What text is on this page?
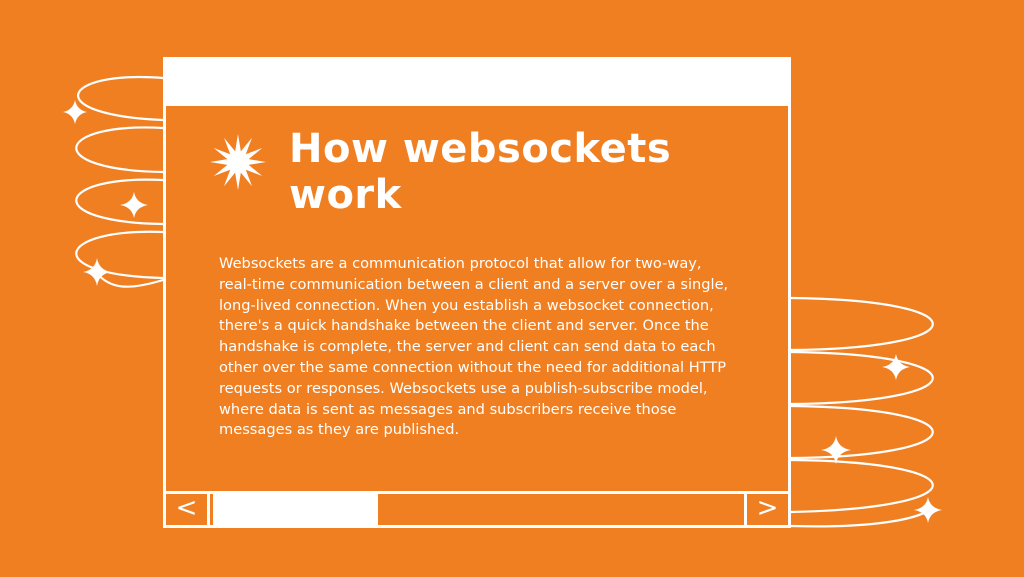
How websockets
work

Websockets are a communication protocol that allow for two-way,
real-time communication between a client and a server over a single,
long-lived connection. When you establish a websocket connection,
there's a quick handshake between the client and server. Once the
handshake is complete, the server and client can send data to each
other over the same connection without the need for additional HTTP
requests or responses. Websockets use a publish-subscribe model,
where data is sent as messages and subscribers receive those
messages as they are published.

<	>
